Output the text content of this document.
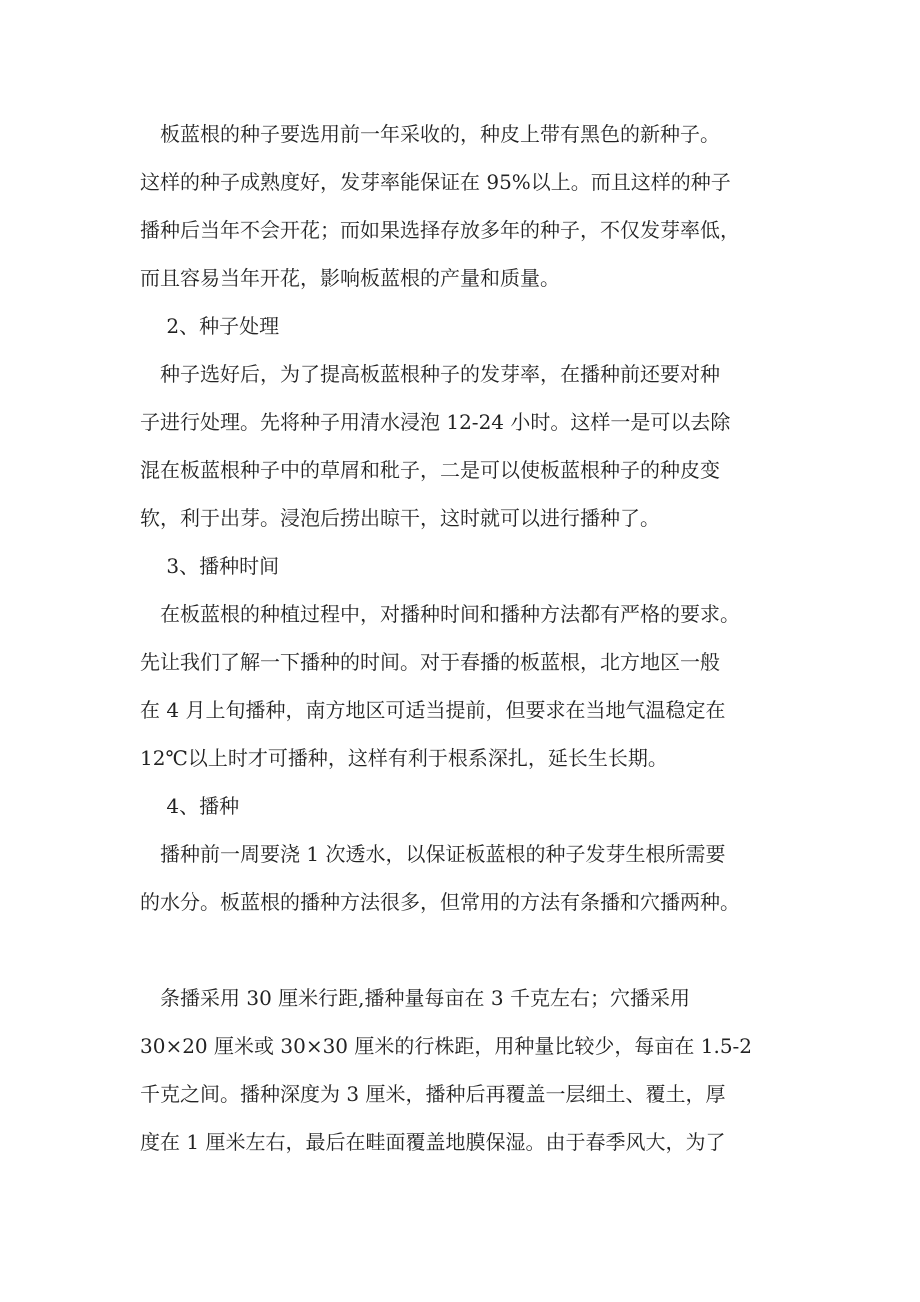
　板蓝根的种子要选用前一年采收的，种皮上带有黑色的新种子。
这样的种子成熟度好，发芽率能保证在 95%以上。而且这样的种子
播种后当年不会开花；而如果选择存放多年的种子，不仅发芽率低，
而且容易当年开花，影响板蓝根的产量和质量。
　 2、种子处理
　种子选好后，为了提高板蓝根种子的发芽率，在播种前还要对种
子进行处理。先将种子用清水浸泡 12-24 小时。这样一是可以去除
混在板蓝根种子中的草屑和秕子，二是可以使板蓝根种子的种皮变
软，利于出芽。浸泡后捞出晾干，这时就可以进行播种了。
　 3、播种时间
　在板蓝根的种植过程中，对播种时间和播种方法都有严格的要求。
先让我们了解一下播种的时间。对于春播的板蓝根，北方地区一般
在 4 月上旬播种，南方地区可适当提前，但要求在当地气温稳定在
12℃以上时才可播种，这样有利于根系深扎，延长生长期。
　 4、播种
　播种前一周要浇 1 次透水，以保证板蓝根的种子发芽生根所需要
的水分。板蓝根的播种方法很多，但常用的方法有条播和穴播两种。
　条播采用 30 厘米行距,播种量每亩在 3 千克左右；穴播采用
30×20 厘米或 30×30 厘米的行株距，用种量比较少，每亩在 1.5-2
千克之间。播种深度为 3 厘米，播种后再覆盖一层细土、覆土，厚
度在 1 厘米左右，最后在畦面覆盖地膜保湿。由于春季风大，为了
